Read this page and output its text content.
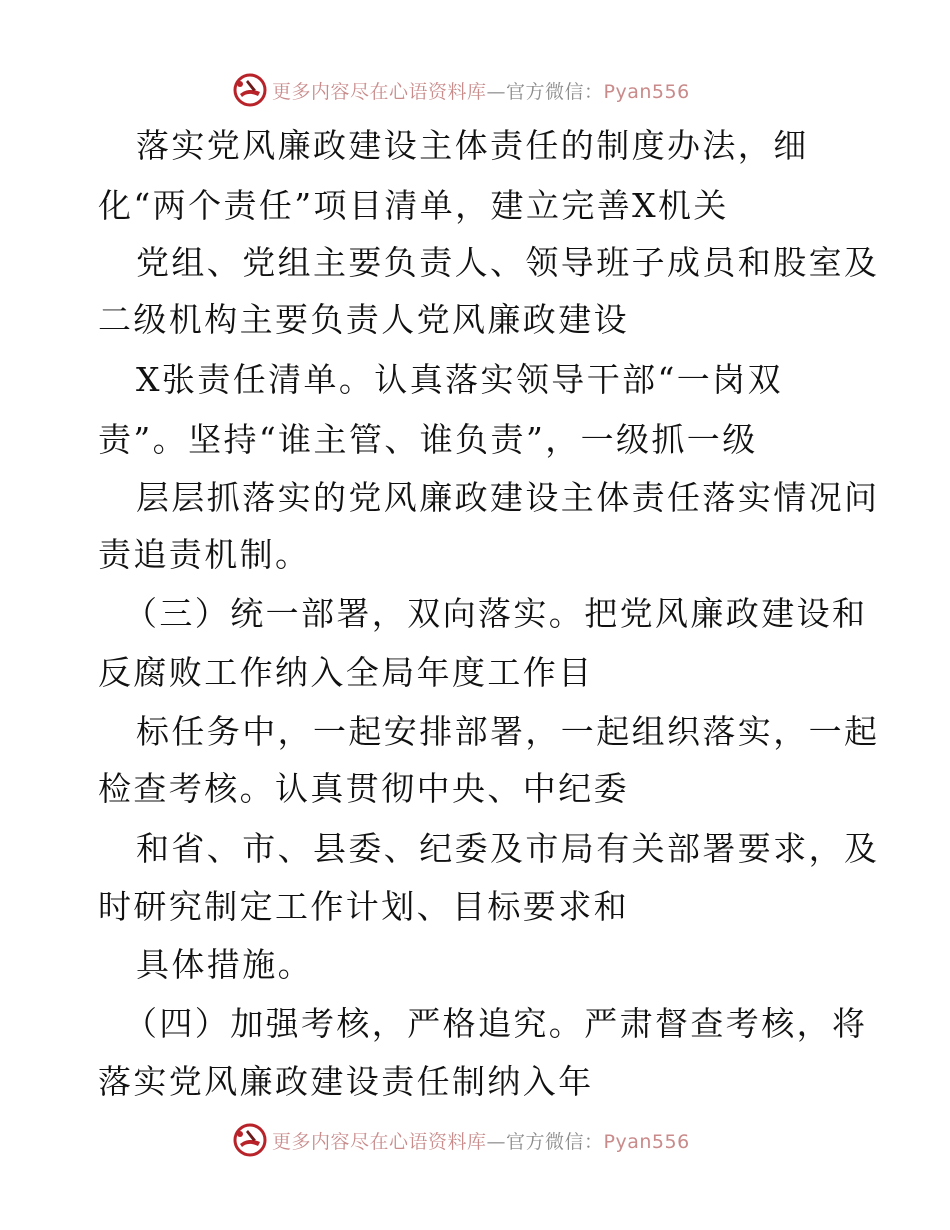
更多内容尽在心语资料库—官方微信：Pyan556
落实党风廉政建设主体责任的制度办法，细
化“两个责任”项目清单，建立完善X机关
党组、党组主要负责人、领导班子成员和股室及
二级机构主要负责人党风廉政建设
X张责任清单。认真落实领导干部“一岗双
责”。坚持“谁主管、谁负责”，一级抓一级
层层抓落实的党风廉政建设主体责任落实情况问
责追责机制。
（三）统一部署，双向落实。把党风廉政建设和
反腐败工作纳入全局年度工作目
标任务中，一起安排部署，一起组织落实，一起
检查考核。认真贯彻中央、中纪委
和省、市、县委、纪委及市局有关部署要求，及
时研究制定工作计划、目标要求和
具体措施。
（四）加强考核，严格追究。严肃督查考核，将
落实党风廉政建设责任制纳入年
更多内容尽在心语资料库—官方微信：Pyan556
